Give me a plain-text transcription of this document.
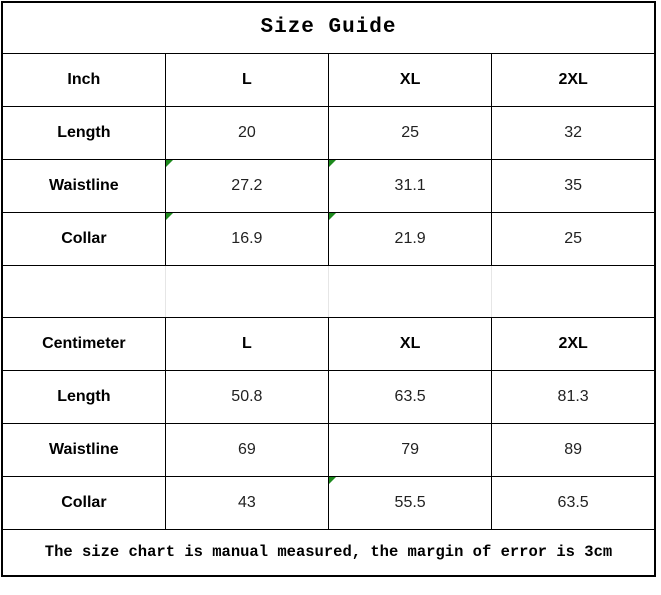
Size Guide			
Inch	L	XL	2XL
Length	20	25	32
Waistline	27.2	31.1	35
Collar	16.9	21.9	25

Centimeter	L	XL	2XL
Length	50.8	63.5	81.3
Waistline	69	79	89
Collar	43	55.5	63.5
The size chart is manual measured, the margin of error is 3cm			
